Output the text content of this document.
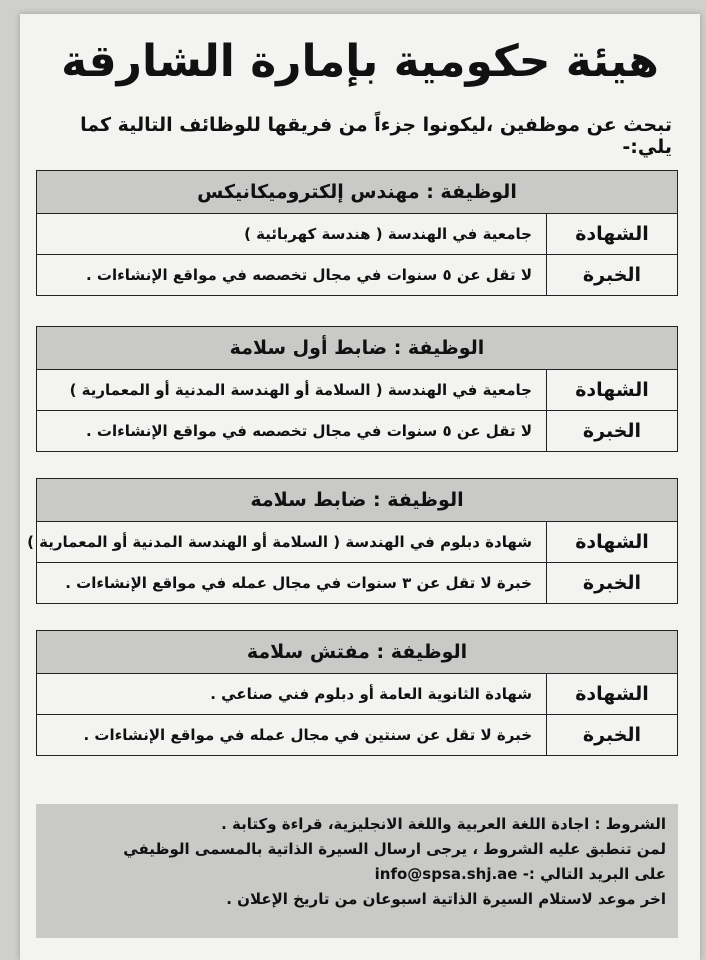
هيئة حكومية بإمارة الشارقة
تبحث عن موظفين ،ليكونوا جزءاً من فريقها للوظائف التالية كما يلي:-
الوظيفة : مهندس إلكتروميكانيكس
الشهادة
جامعية في الهندسة ( هندسة كهربائية )
الخبرة
لا تقل عن ٥ سنوات في مجال تخصصه في مواقع الإنشاءات .
الوظيفة : ضابط أول سلامة
الشهادة
جامعية في الهندسة ( السلامة أو الهندسة المدنية أو المعمارية )
الخبرة
لا تقل عن ٥ سنوات في مجال تخصصه في مواقع الإنشاءات .
الوظيفة : ضابط سلامة
الشهادة
شهادة دبلوم في الهندسة ( السلامة أو الهندسة المدنية أو المعمارية )
الخبرة
خبرة لا تقل عن ٣ سنوات في مجال عمله في مواقع الإنشاءات .
الوظيفة : مفتش سلامة
الشهادة
شهادة الثانوية العامة أو دبلوم فني صناعي .
الخبرة
خبرة لا تقل عن سنتين في مجال عمله في مواقع الإنشاءات .
الشروط : اجادة اللغة العربية واللغة الانجليزية، قراءة وكتابة .
لمن تنطبق عليه الشروط ، يرجى ارسال السيرة الذاتية بالمسمى الوظيفي
على البريد التالي :- info@spsa.shj.ae
اخر موعد لاستلام السيرة الذاتية اسبوعان من تاريخ الإعلان .
